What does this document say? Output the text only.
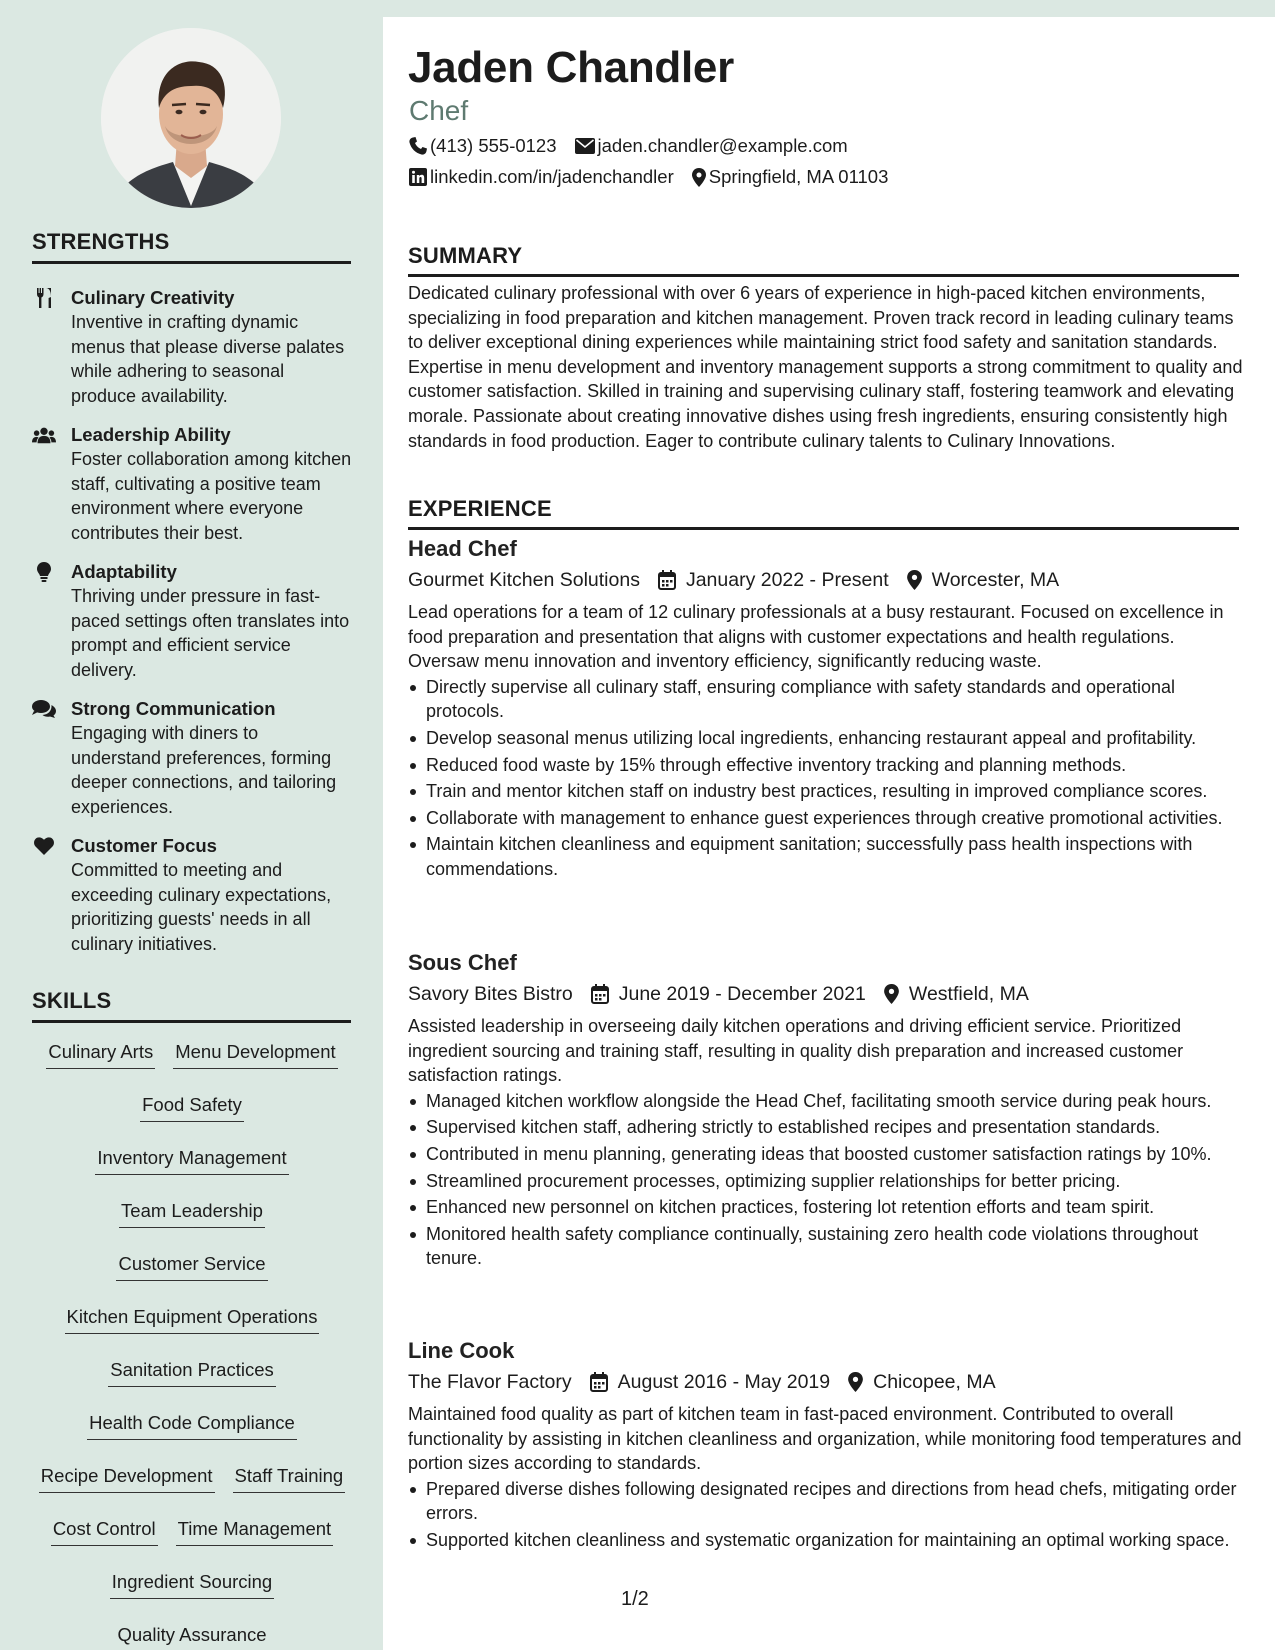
STRENGTHS
Culinary Creativity
Inventive in crafting dynamic menus that please diverse palates while adhering to seasonal produce availability.
Leadership Ability
Foster collaboration among kitchen staff, cultivating a positive team environment where everyone contributes their best.
Adaptability
Thriving under pressure in fast-paced settings often translates into prompt and efficient service delivery.
Strong Communication
Engaging with diners to understand preferences, forming deeper connections, and tailoring experiences.
Customer Focus
Committed to meeting and exceeding culinary expectations, prioritizing guests' needs in all culinary initiatives.
SKILLS
Culinary Arts Menu Development
Food Safety
Inventory Management
Team Leadership
Customer Service
Kitchen Equipment Operations
Sanitation Practices
Health Code Compliance
Recipe Development Staff Training
Cost Control Time Management
Ingredient Sourcing
Quality Assurance
Jaden Chandler
Chef
(413) 555-0123 jaden.chandler@example.com
linkedin.com/in/jadenchandler Springfield, MA 01103
SUMMARY
Dedicated culinary professional with over 6 years of experience in high-paced kitchen environments, specializing in food preparation and kitchen management. Proven track record in leading culinary teams to deliver exceptional dining experiences while maintaining strict food safety and sanitation standards. Expertise in menu development and inventory management supports a strong commitment to quality and customer satisfaction. Skilled in training and supervising culinary staff, fostering teamwork and elevating morale. Passionate about creating innovative dishes using fresh ingredients, ensuring consistently high standards in food production. Eager to contribute culinary talents to Culinary Innovations.
EXPERIENCE
Head Chef
Gourmet Kitchen Solutions January 2022 - Present Worcester, MA
Lead operations for a team of 12 culinary professionals at a busy restaurant. Focused on excellence in food preparation and presentation that aligns with customer expectations and health regulations. Oversaw menu innovation and inventory efficiency, significantly reducing waste.
Directly supervise all culinary staff, ensuring compliance with safety standards and operational protocols.
Develop seasonal menus utilizing local ingredients, enhancing restaurant appeal and profitability.
Reduced food waste by 15% through effective inventory tracking and planning methods.
Train and mentor kitchen staff on industry best practices, resulting in improved compliance scores.
Collaborate with management to enhance guest experiences through creative promotional activities.
Maintain kitchen cleanliness and equipment sanitation; successfully pass health inspections with commendations.
Sous Chef
Savory Bites Bistro June 2019 - December 2021 Westfield, MA
Assisted leadership in overseeing daily kitchen operations and driving efficient service. Prioritized ingredient sourcing and training staff, resulting in quality dish preparation and increased customer satisfaction ratings.
Managed kitchen workflow alongside the Head Chef, facilitating smooth service during peak hours.
Supervised kitchen staff, adhering strictly to established recipes and presentation standards.
Contributed in menu planning, generating ideas that boosted customer satisfaction ratings by 10%.
Streamlined procurement processes, optimizing supplier relationships for better pricing.
Enhanced new personnel on kitchen practices, fostering lot retention efforts and team spirit.
Monitored health safety compliance continually, sustaining zero health code violations throughout tenure.
Line Cook
The Flavor Factory August 2016 - May 2019 Chicopee, MA
Maintained food quality as part of kitchen team in fast-paced environment. Contributed to overall functionality by assisting in kitchen cleanliness and organization, while monitoring food temperatures and portion sizes according to standards.
Prepared diverse dishes following designated recipes and directions from head chefs, mitigating order errors.
Supported kitchen cleanliness and systematic organization for maintaining an optimal working space.
1/2
